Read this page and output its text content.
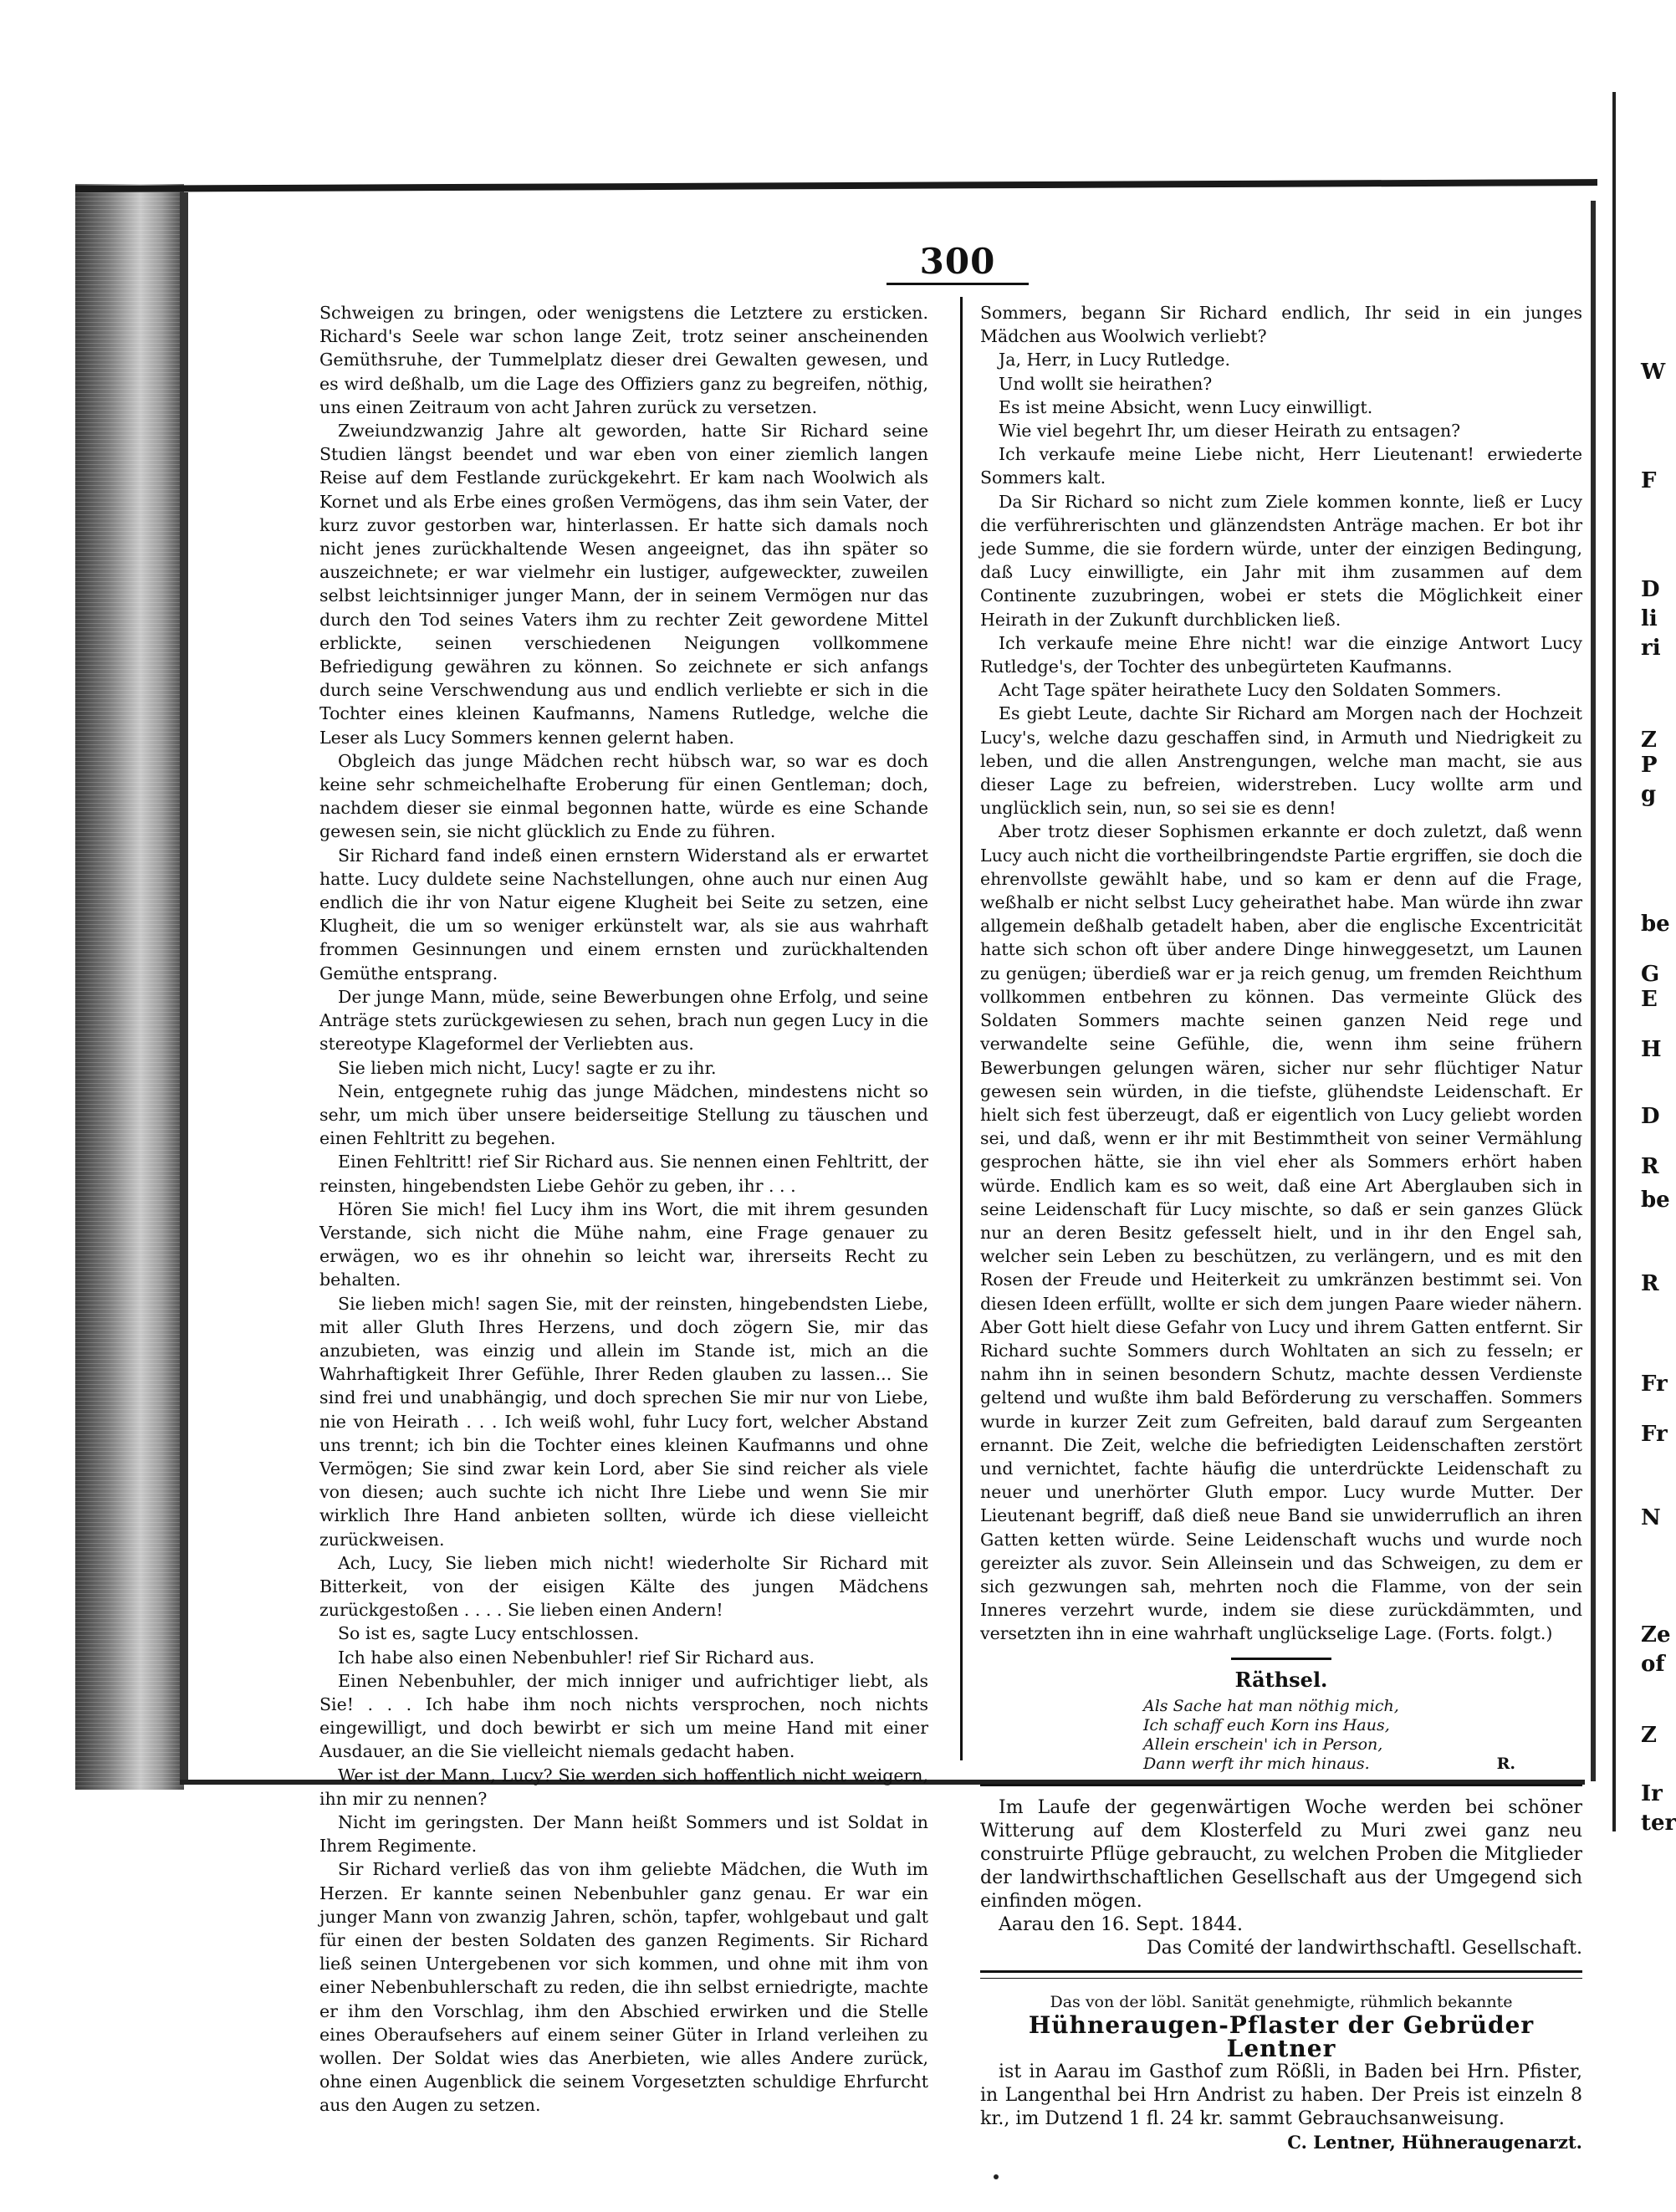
300

Schweigen zu bringen, oder wenigstens die Letztere zu ersticken. Richard's Seele war schon lange Zeit, trotz seiner anscheinenden Gemüthsruhe, der Tummelplatz dieser drei Gewalten gewesen, und es wird deßhalb, um die Lage des Offiziers ganz zu begreifen, nöthig, uns einen Zeitraum von acht Jahren zurück zu versetzen.

Zweiundzwanzig Jahre alt geworden, hatte Sir Richard seine Studien längst beendet und war eben von einer ziemlich langen Reise auf dem Festlande zurückgekehrt. Er kam nach Woolwich als Kornet und als Erbe eines großen Vermögens, das ihm sein Vater, der kurz zuvor gestorben war, hinterlassen. Er hatte sich damals noch nicht jenes zurückhaltende Wesen angeeignet, das ihn später so auszeichnete; er war vielmehr ein lustiger, aufgeweckter, zuweilen selbst leichtsinniger junger Mann, der in seinem Vermögen nur das durch den Tod seines Vaters ihm zu rechter Zeit gewordene Mittel erblickte, seinen verschiedenen Neigungen vollkommene Befriedigung gewähren zu können. So zeichnete er sich anfangs durch seine Verschwendung aus und endlich verliebte er sich in die Tochter eines kleinen Kaufmanns, Namens Rutledge, welche die Leser als Lucy Sommers kennen gelernt haben.

Obgleich das junge Mädchen recht hübsch war, so war es doch keine sehr schmeichelhafte Eroberung für einen Gentleman; doch, nachdem dieser sie einmal begonnen hatte, würde es eine Schande gewesen sein, sie nicht glücklich zu Ende zu führen.

Sir Richard fand indeß einen ernstern Widerstand als er erwartet hatte. Lucy duldete seine Nachstellungen, ohne auch nur einen Aug endlich die ihr von Natur eigene Klugheit bei Seite zu setzen, eine Klugheit, die um so weniger erkünstelt war, als sie aus wahrhaft frommen Gesinnungen und einem ernsten und zurückhaltenden Gemüthe entsprang.

Der junge Mann, müde, seine Bewerbungen ohne Erfolg, und seine Anträge stets zurückgewiesen zu sehen, brach nun gegen Lucy in die stereotype Klageformel der Verliebten aus.

Sie lieben mich nicht, Lucy! sagte er zu ihr.

Nein, entgegnete ruhig das junge Mädchen, mindestens nicht so sehr, um mich über unsere beiderseitige Stellung zu täuschen und einen Fehltritt zu begehen.

Einen Fehltritt! rief Sir Richard aus. Sie nennen einen Fehltritt, der reinsten, hingebendsten Liebe Gehör zu geben, ihr . . .

Hören Sie mich! fiel Lucy ihm ins Wort, die mit ihrem gesunden Verstande, sich nicht die Mühe nahm, eine Frage genauer zu erwägen, wo es ihr ohnehin so leicht war, ihrerseits Recht zu behalten.

Sie lieben mich! sagen Sie, mit der reinsten, hingebendsten Liebe, mit aller Gluth Ihres Herzens, und doch zögern Sie, mir das anzubieten, was einzig und allein im Stande ist, mich an die Wahrhaftigkeit Ihrer Gefühle, Ihrer Reden glauben zu lassen... Sie sind frei und unabhängig, und doch sprechen Sie mir nur von Liebe, nie von Heirath . . . Ich weiß wohl, fuhr Lucy fort, welcher Abstand uns trennt; ich bin die Tochter eines kleinen Kaufmanns und ohne Vermögen; Sie sind zwar kein Lord, aber Sie sind reicher als viele von diesen; auch suchte ich nicht Ihre Liebe und wenn Sie mir wirklich Ihre Hand anbieten sollten, würde ich diese vielleicht zurückweisen.

Ach, Lucy, Sie lieben mich nicht! wiederholte Sir Richard mit Bitterkeit, von der eisigen Kälte des jungen Mädchens zurückgestoßen . . . . Sie lieben einen Andern!

So ist es, sagte Lucy entschlossen.

Ich habe also einen Nebenbuhler! rief Sir Richard aus.

Einen Nebenbuhler, der mich inniger und aufrichtiger liebt, als Sie! . . . Ich habe ihm noch nichts versprochen, noch nichts eingewilligt, und doch bewirbt er sich um meine Hand mit einer Ausdauer, an die Sie vielleicht niemals gedacht haben.

Wer ist der Mann, Lucy? Sie werden sich hoffentlich nicht weigern, ihn mir zu nennen?

Nicht im geringsten. Der Mann heißt Sommers und ist Soldat in Ihrem Regimente.

Sir Richard verließ das von ihm geliebte Mädchen, die Wuth im Herzen. Er kannte seinen Nebenbuhler ganz genau. Er war ein junger Mann von zwanzig Jahren, schön, tapfer, wohlgebaut und galt für einen der besten Soldaten des ganzen Regiments. Sir Richard ließ seinen Untergebenen vor sich kommen, und ohne mit ihm von einer Nebenbuhlerschaft zu reden, die ihn selbst erniedrigte, machte er ihm den Vorschlag, ihm den Abschied erwirken und die Stelle eines Oberaufsehers auf einem seiner Güter in Irland verleihen zu wollen. Der Soldat wies das Anerbieten, wie alles Andere zurück, ohne einen Augenblick die seinem Vorgesetzten schuldige Ehrfurcht aus den Augen zu setzen.

Sommers, begann Sir Richard endlich, Ihr seid in ein junges Mädchen aus Woolwich verliebt?

Ja, Herr, in Lucy Rutledge.

Und wollt sie heirathen?

Es ist meine Absicht, wenn Lucy einwilligt.

Wie viel begehrt Ihr, um dieser Heirath zu entsagen?

Ich verkaufe meine Liebe nicht, Herr Lieutenant! erwiederte Sommers kalt.

Da Sir Richard so nicht zum Ziele kommen konnte, ließ er Lucy die verführerischten und glänzendsten Anträge machen. Er bot ihr jede Summe, die sie fordern würde, unter der einzigen Bedingung, daß Lucy einwilligte, ein Jahr mit ihm zusammen auf dem Continente zuzubringen, wobei er stets die Möglichkeit einer Heirath in der Zukunft durchblicken ließ.

Ich verkaufe meine Ehre nicht! war die einzige Antwort Lucy Rutledge's, der Tochter des unbegürteten Kaufmanns.

Acht Tage später heirathete Lucy den Soldaten Sommers.

Es giebt Leute, dachte Sir Richard am Morgen nach der Hochzeit Lucy's, welche dazu geschaffen sind, in Armuth und Niedrigkeit zu leben, und die allen Anstrengungen, welche man macht, sie aus dieser Lage zu befreien, widerstreben. Lucy wollte arm und unglücklich sein, nun, so sei sie es denn!

Aber trotz dieser Sophismen erkannte er doch zuletzt, daß wenn Lucy auch nicht die vortheilbringendste Partie ergriffen, sie doch die ehrenvollste gewählt habe, und so kam er denn auf die Frage, weßhalb er nicht selbst Lucy geheirathet habe. Man würde ihn zwar allgemein deßhalb getadelt haben, aber die englische Excentricität hatte sich schon oft über andere Dinge hinweggesetzt, um Launen zu genügen; überdieß war er ja reich genug, um fremden Reichthum vollkommen entbehren zu können. Das vermeinte Glück des Soldaten Sommers machte seinen ganzen Neid rege und verwandelte seine Gefühle, die, wenn ihm seine frühern Bewerbungen gelungen wären, sicher nur sehr flüchtiger Natur gewesen sein würden, in die tiefste, glühendste Leidenschaft. Er hielt sich fest überzeugt, daß er eigentlich von Lucy geliebt worden sei, und daß, wenn er ihr mit Bestimmtheit von seiner Vermählung gesprochen hätte, sie ihn viel eher als Sommers erhört haben würde. Endlich kam es so weit, daß eine Art Aberglauben sich in seine Leidenschaft für Lucy mischte, so daß er sein ganzes Glück nur an deren Besitz gefesselt hielt, und in ihr den Engel sah, welcher sein Leben zu beschützen, zu verlängern, und es mit den Rosen der Freude und Heiterkeit zu umkränzen bestimmt sei. Von diesen Ideen erfüllt, wollte er sich dem jungen Paare wieder nähern. Aber Gott hielt diese Gefahr von Lucy und ihrem Gatten entfernt. Sir Richard suchte Sommers durch Wohltaten an sich zu fesseln; er nahm ihn in seinen besondern Schutz, machte dessen Verdienste geltend und wußte ihm bald Beförderung zu verschaffen. Sommers wurde in kurzer Zeit zum Gefreiten, bald darauf zum Sergeanten ernannt. Die Zeit, welche die befriedigten Leidenschaften zerstört und vernichtet, fachte häufig die unterdrückte Leidenschaft zu neuer und unerhörter Gluth empor. Lucy wurde Mutter. Der Lieutenant begriff, daß dieß neue Band sie unwiderruflich an ihren Gatten ketten würde. Seine Leidenschaft wuchs und wurde noch gereizter als zuvor. Sein Alleinsein und das Schweigen, zu dem er sich gezwungen sah, mehrten noch die Flamme, von der sein Inneres verzehrt wurde, indem sie diese zurückdämmten, und versetzten ihn in eine wahrhaft unglückselige Lage. (Forts. folgt.)

Räthsel.
Als Sache hat man nöthig mich,
Ich schaff euch Korn ins Haus,
Allein erschein' ich in Person,
Dann werft ihr mich hinaus.	R.

Im Laufe der gegenwärtigen Woche werden bei schöner Witterung auf dem Klosterfeld zu Muri zwei ganz neu construirte Pflüge gebraucht, zu welchen Proben die Mitglieder der landwirthschaftlichen Gesellschaft aus der Umgegend sich einfinden mögen.

Aarau den 16. Sept. 1844.

Das Comité der landwirthschaftl. Gesellschaft.

Das von der löbl. Sanität genehmigte, rühmlich bekannte

Hühneraugen-Pflaster der Gebrüder Lentner

ist in Aarau im Gasthof zum Rößli, in Baden bei Hrn. Pfister, in Langenthal bei Hrn Andrist zu haben. Der Preis ist einzeln 8 kr., im Dutzend 1 fl. 24 kr. sammt Gebrauchsanweisung.

C. Lentner, Hühneraugenarzt.

W
F
D
li
ri
Z
P
g
be
G
E
H
D
R
be
R
Fr
Fr
N
Ze
of
Z
Ir
ter
